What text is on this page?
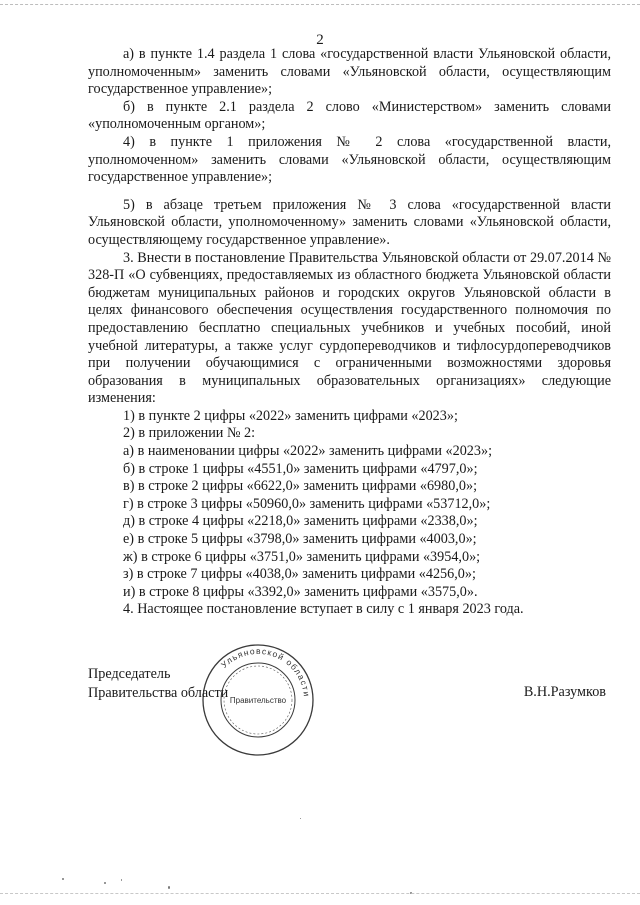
2

а) в пункте 1.4 раздела 1 слова «государственной власти Ульяновской области, уполномоченным» заменить словами «Ульяновской области, осуществляющим государственное управление»;

б) в пункте 2.1 раздела 2 слово «Министерством» заменить словами «уполномоченным органом»;

4) в пункте 1 приложения № 2 слова «государственной власти, уполномоченном» заменить словами «Ульяновской области, осуществляющим государственное управление»;

5) в абзаце третьем приложения № 3 слова «государственной власти Ульяновской области, уполномоченному» заменить словами «Ульяновской области, осуществляющему государственное управление».

3. Внести в постановление Правительства Ульяновской области от 29.07.2014 № 328-П «О субвенциях, предоставляемых из областного бюджета Ульяновской области бюджетам муниципальных районов и городских округов Ульяновской области в целях финансового обеспечения осуществления государственного полномочия по предоставлению бесплатно специальных учебников и учебных пособий, иной учебной литературы, а также услуг сурдопереводчиков и тифлосурдопереводчиков при получении обучающимися с ограниченными возможностями здоровья образования в муниципальных образовательных организациях» следующие изменения:

1) в пункте 2 цифры «2022» заменить цифрами «2023»;

2) в приложении № 2:

а) в наименовании цифры «2022» заменить цифрами «2023»;

б) в строке 1 цифры «4551,0» заменить цифрами «4797,0»;

в) в строке 2 цифры «6622,0» заменить цифрами «6980,0»;

г) в строке 3 цифры «50960,0» заменить цифрами «53712,0»;

д) в строке 4 цифры «2218,0» заменить цифрами «2338,0»;

е) в строке 5 цифры «3798,0» заменить цифрами «4003,0»;

ж) в строке 6 цифры «3751,0» заменить цифрами «3954,0»;

з) в строке 7 цифры «4038,0» заменить цифрами «4256,0»;

и) в строке 8 цифры «3392,0» заменить цифрами «3575,0».

4. Настоящее постановление вступает в силу с 1 января 2023 года.

Ульяновской области
Правительство
Председатель
Правительства области	В.Н.Разумков
